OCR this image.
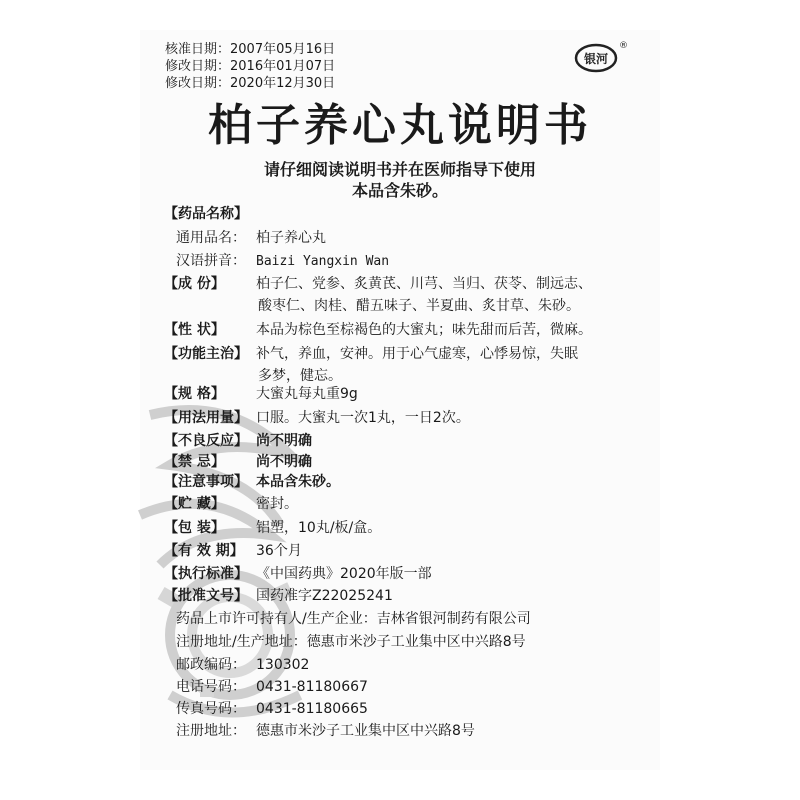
核准日期：2007年05月16日
修改日期：2016年01月07日
修改日期：2020年12月30日
银河
®
柏子养心丸说明书
请仔细阅读说明书并在医师指导下使用
本品含朱砂。
【药品名称】
通用品名： 柏子养心丸
汉语拼音： Baizi Yangxin Wan
【成 份】 柏子仁、党参、炙黄芪、川芎、当归、茯苓、制远志、
酸枣仁、肉桂、醋五味子、半夏曲、炙甘草、朱砂。
【性 状】 本品为棕色至棕褐色的大蜜丸；味先甜而后苦，微麻。
【功能主治】 补气，养血，安神。用于心气虚寒，心悸易惊，失眠
多梦，健忘。
【规 格】 大蜜丸每丸重9g
【用法用量】 口服。大蜜丸一次1丸，一日2次。
【不良反应】 尚不明确
【禁 忌】 尚不明确
【注意事项】 本品含朱砂。
【贮 藏】 密封。
【包 装】 铝塑，10丸/板/盒。
【有 效 期】 36个月
【执行标准】 《中国药典》2020年版一部
【批准文号】 国药准字Z22025241
药品上市许可持有人/生产企业：吉林省银河制药有限公司
注册地址/生产地址：德惠市米沙子工业集中区中兴路8号
邮政编码： 130302
电话号码： 0431-81180667
传真号码： 0431-81180665
注册地址： 德惠市米沙子工业集中区中兴路8号
